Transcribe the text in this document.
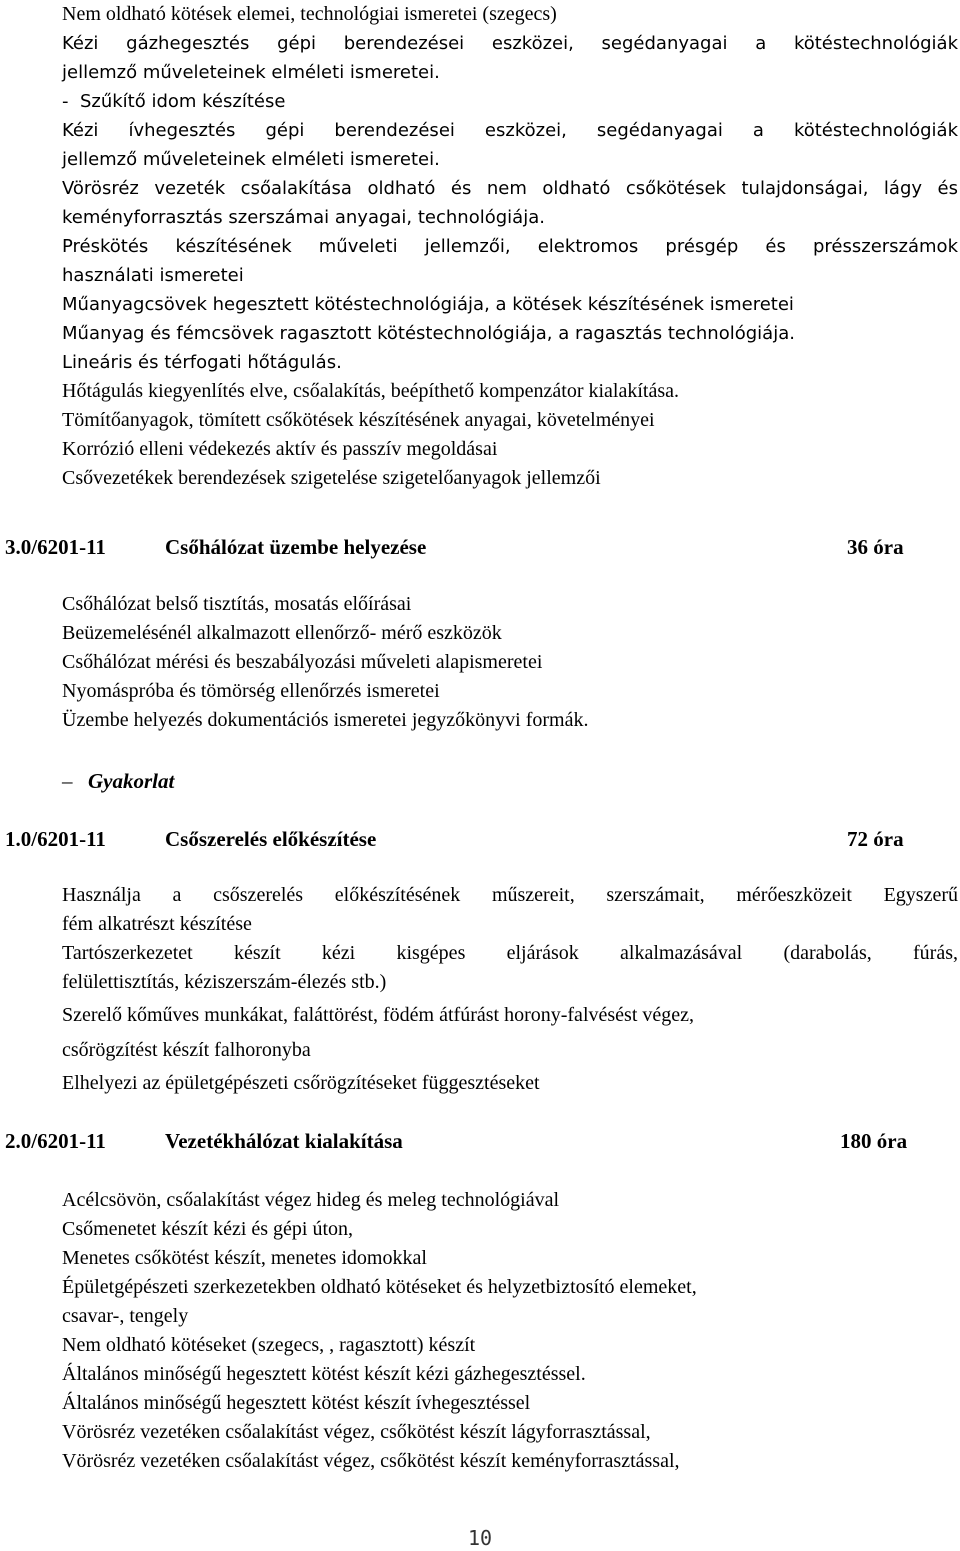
Nem oldható kötések elemei, technológiai ismeretei (szegecs)
Kézi gázhegesztés gépi berendezései eszközei, segédanyagai a kötéstechnológiák
jellemző műveleteinek elméleti ismeretei.
-  Szűkítő idom készítése
Kézi ívhegesztés gépi berendezései eszközei, segédanyagai a kötéstechnológiák
jellemző műveleteinek elméleti ismeretei.
Vörösréz vezeték csőalakítása oldható és nem oldható csőkötések tulajdonságai, lágy és
keményforrasztás szerszámai anyagai, technológiája.
Préskötés készítésének műveleti jellemzői, elektromos présgép és présszerszámok
használati ismeretei
Műanyagcsövek hegesztett kötéstechnológiája, a kötések készítésének ismeretei
Műanyag és fémcsövek ragasztott kötéstechnológiája, a ragasztás technológiája.
Lineáris és térfogati hőtágulás.
Hőtágulás kiegyenlítés elve, csőalakítás, beépíthető kompenzátor kialakítása.
Tömítőanyagok, tömített csőkötések készítésének anyagai, követelményei
Korrózió elleni védekezés aktív és passzív megoldásai
Csővezetékek berendezések szigetelése szigetelőanyagok jellemzői
3.0/6201-11	Csőhálózat üzembe helyezése	36 óra
Csőhálózat belső tisztítás, mosatás előírásai
Beüzemelésénél alkalmazott ellenőrző- mérő eszközök
Csőhálózat mérési és beszabályozási műveleti alapismeretei
Nyomáspróba és tömörség ellenőrzés ismeretei
Üzembe helyezés dokumentációs ismeretei jegyzőkönyvi formák.
– Gyakorlat
1.0/6201-11	Csőszerelés előkészítése	72 óra
Használja a csőszerelés előkészítésének műszereit, szerszámait, mérőeszközeit Egyszerű
fém alkatrészt készítése
Tartószerkezetet készít kézi kisgépes eljárások alkalmazásával (darabolás, fúrás,
felülettisztítás, kéziszerszám-élezés stb.)
Szerelő kőműves munkákat, faláttörést, födém átfúrást horony-falvésést végez,
csőrögzítést készít falhoronyba
Elhelyezi az épületgépészeti csőrögzítéseket függesztéseket
2.0/6201-11	Vezetékhálózat kialakítása	180 óra
Acélcsövön, csőalakítást végez hideg és meleg technológiával
Csőmenetet készít kézi és gépi úton,
Menetes csőkötést készít, menetes idomokkal
Épületgépészeti szerkezetekben oldható kötéseket és helyzetbiztosító elemeket,
csavar-, tengely
Nem oldható kötéseket (szegecs, , ragasztott) készít
Általános minőségű hegesztett kötést készít kézi gázhegesztéssel.
Általános minőségű hegesztett kötést készít ívhegesztéssel
Vörösréz vezetéken csőalakítást végez, csőkötést készít lágyforrasztással,
Vörösréz vezetéken csőalakítást végez, csőkötést készít keményforrasztással,
10
